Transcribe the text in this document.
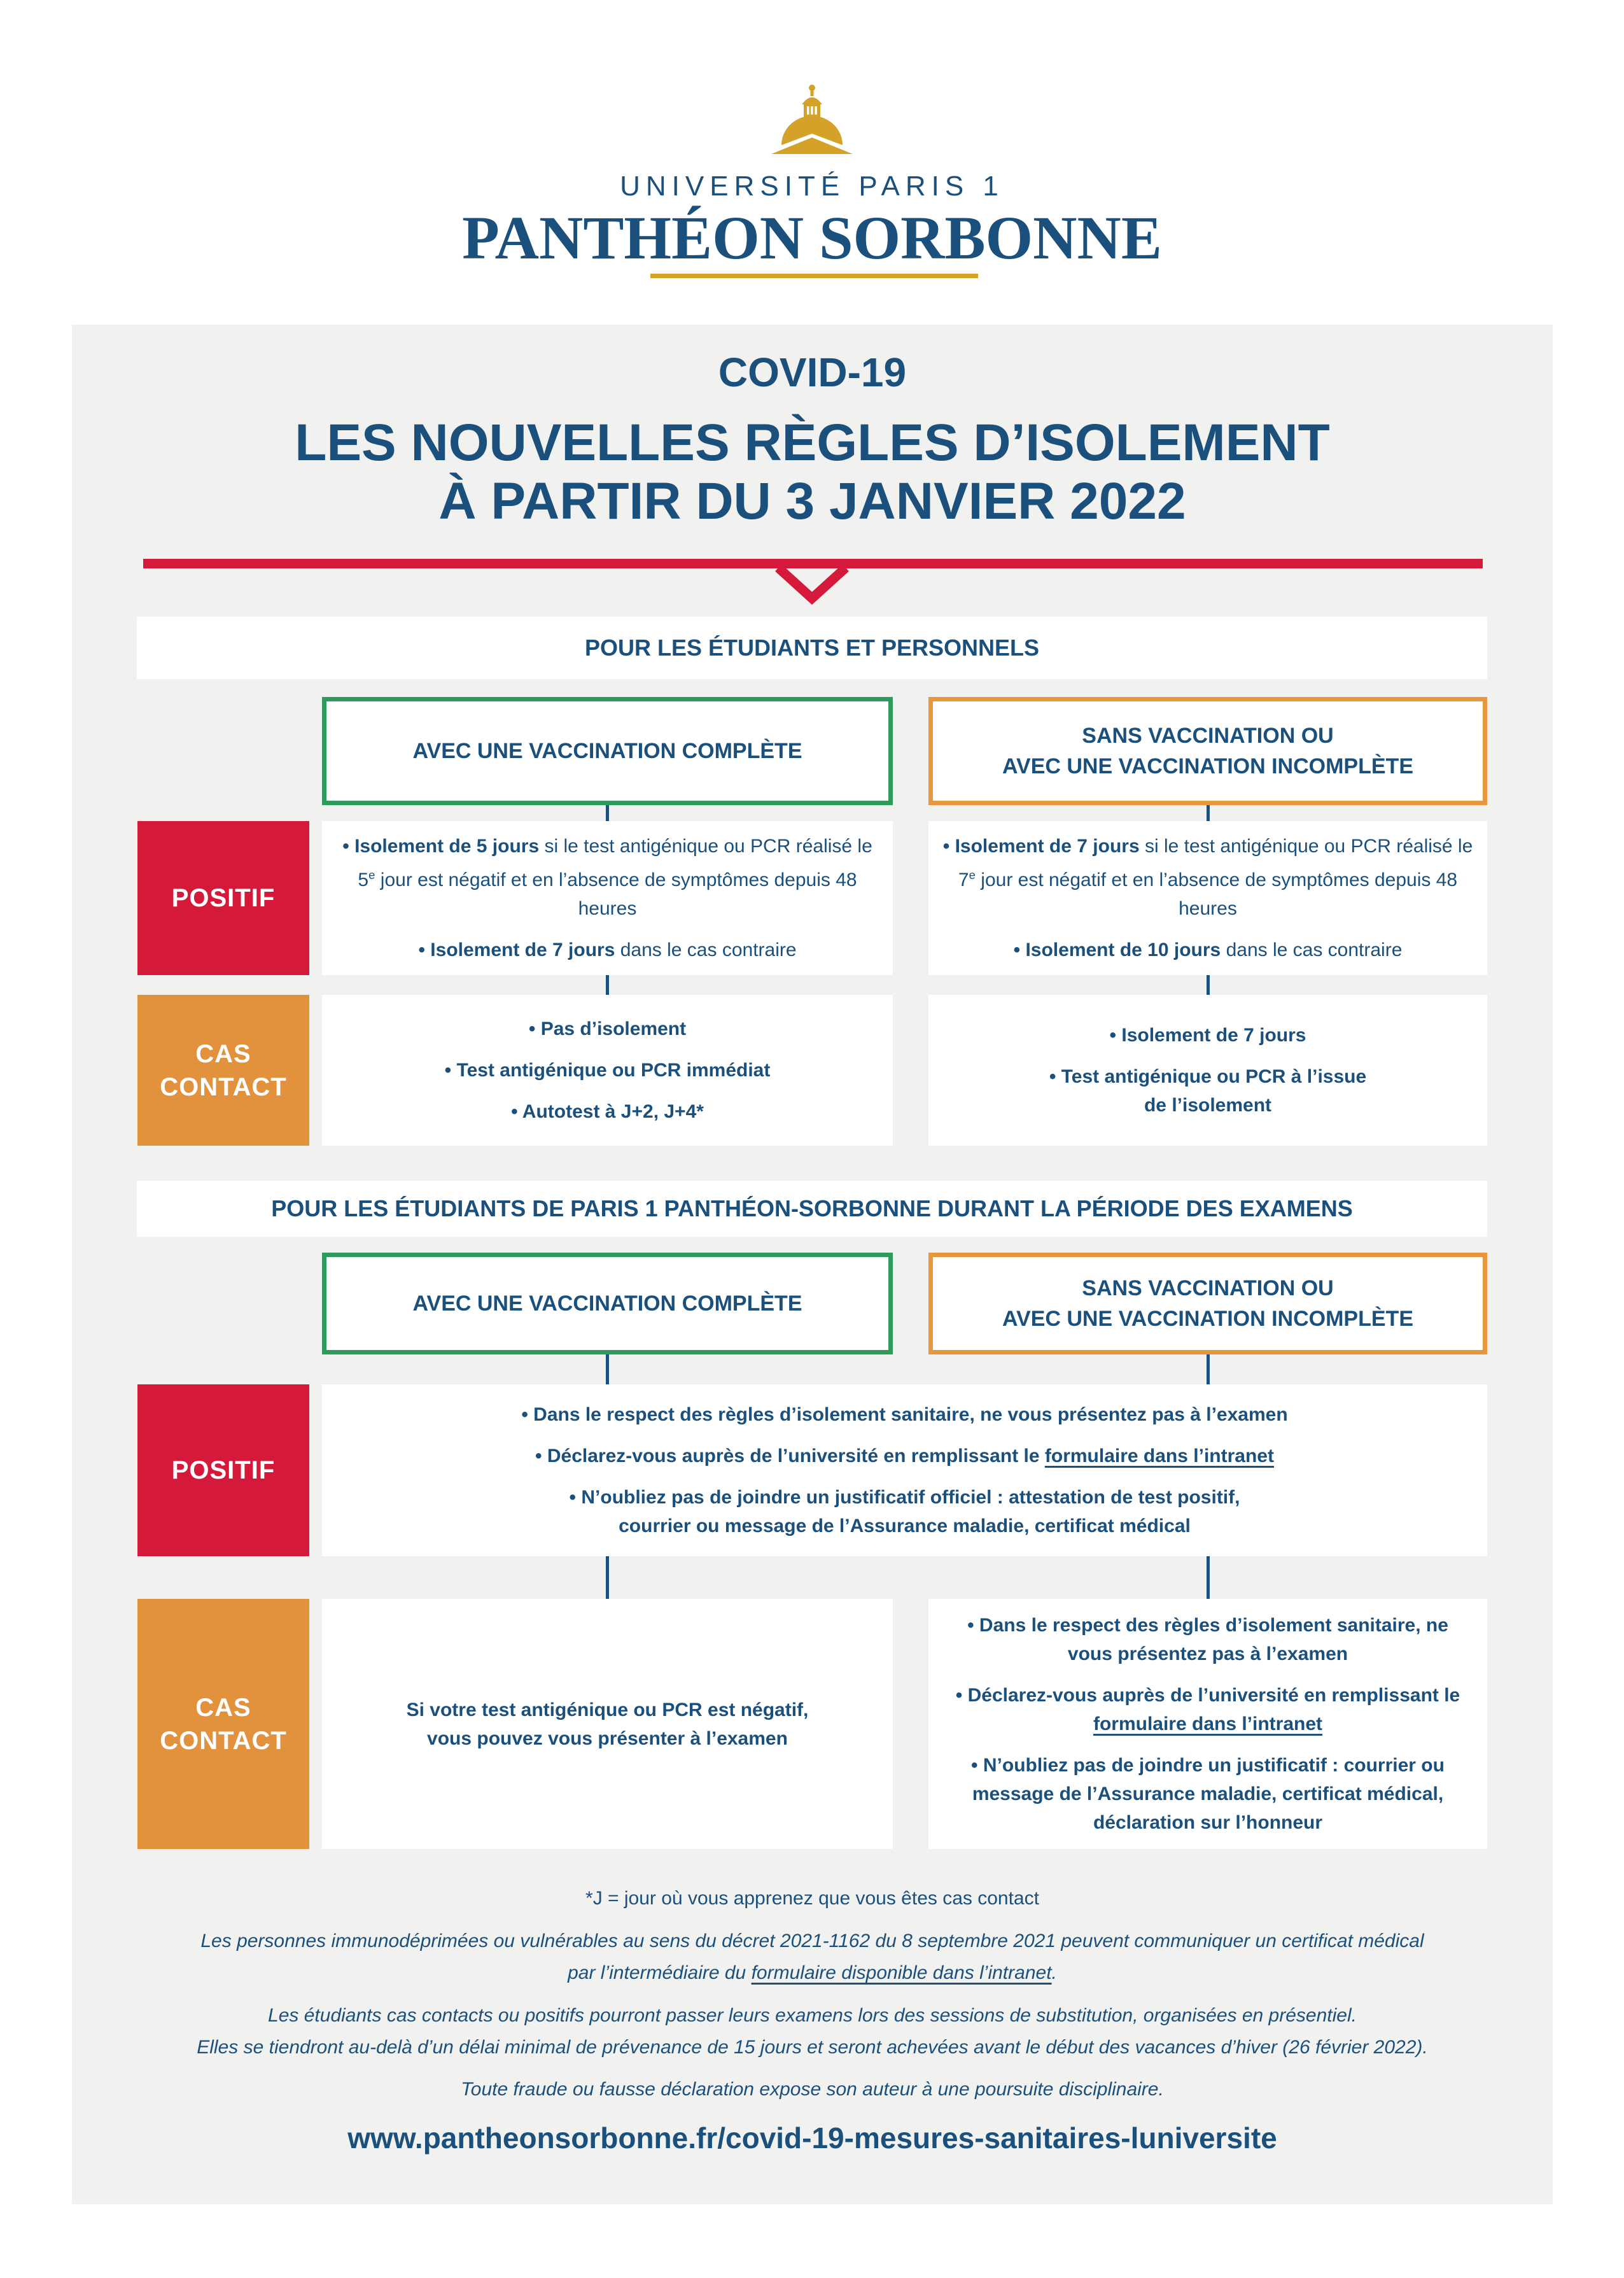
UNIVERSITÉ PARIS 1
PANTHÉON SORBONNE
COVID-19
LES NOUVELLES RÈGLES D’ISOLEMENT
À PARTIR DU 3 JANVIER 2022
POUR LES ÉTUDIANTS ET PERSONNELS
AVEC UNE VACCINATION COMPLÈTE
SANS VACCINATION OU
AVEC UNE VACCINATION INCOMPLÈTE
POSITIF
• Isolement de 5 jours si le test antigénique ou PCR réalisé le 5e jour est négatif et en l’absence de symptômes depuis 48 heures
• Isolement de 7 jours dans le cas contraire
• Isolement de 7 jours si le test antigénique ou PCR réalisé le 7e jour est négatif et en l’absence de symptômes depuis 48 heures
• Isolement de 10 jours dans le cas contraire
CAS
CONTACT
• Pas d’isolement
• Test antigénique ou PCR immédiat
• Autotest à J+2, J+4*
• Isolement de 7 jours
• Test antigénique ou PCR à l’issue
de l’isolement
POUR LES ÉTUDIANTS DE PARIS 1 PANTHÉON-SORBONNE DURANT LA PÉRIODE DES EXAMENS
AVEC UNE VACCINATION COMPLÈTE
SANS VACCINATION OU
AVEC UNE VACCINATION INCOMPLÈTE
POSITIF
• Dans le respect des règles d’isolement sanitaire, ne vous présentez pas à l’examen
• Déclarez-vous auprès de l’université en remplissant le formulaire dans l’intranet
• N’oubliez pas de joindre un justificatif officiel : attestation de test positif,
courrier ou message de l’Assurance maladie, certificat médical
CAS
CONTACT
Si votre test antigénique ou PCR est négatif,
vous pouvez vous présenter à l’examen
• Dans le respect des règles d’isolement sanitaire, ne vous présentez pas à l’examen
• Déclarez-vous auprès de l’université en remplissant le formulaire dans l’intranet
• N’oubliez pas de joindre un justificatif : courrier ou message de l’Assurance maladie, certificat médical, déclaration sur l’honneur
*J = jour où vous apprenez que vous êtes cas contact
Les personnes immunodéprimées ou vulnérables au sens du décret 2021-1162 du 8 septembre 2021 peuvent communiquer un certificat médical
par l’intermédiaire du formulaire disponible dans l’intranet.
Les étudiants cas contacts ou positifs pourront passer leurs examens lors des sessions de substitution, organisées en présentiel.
Elles se tiendront au-delà d’un délai minimal de prévenance de 15 jours et seront achevées avant le début des vacances d’hiver (26 février 2022).
Toute fraude ou fausse déclaration expose son auteur à une poursuite disciplinaire.
www.pantheonsorbonne.fr/covid-19-mesures-sanitaires-luniversite
